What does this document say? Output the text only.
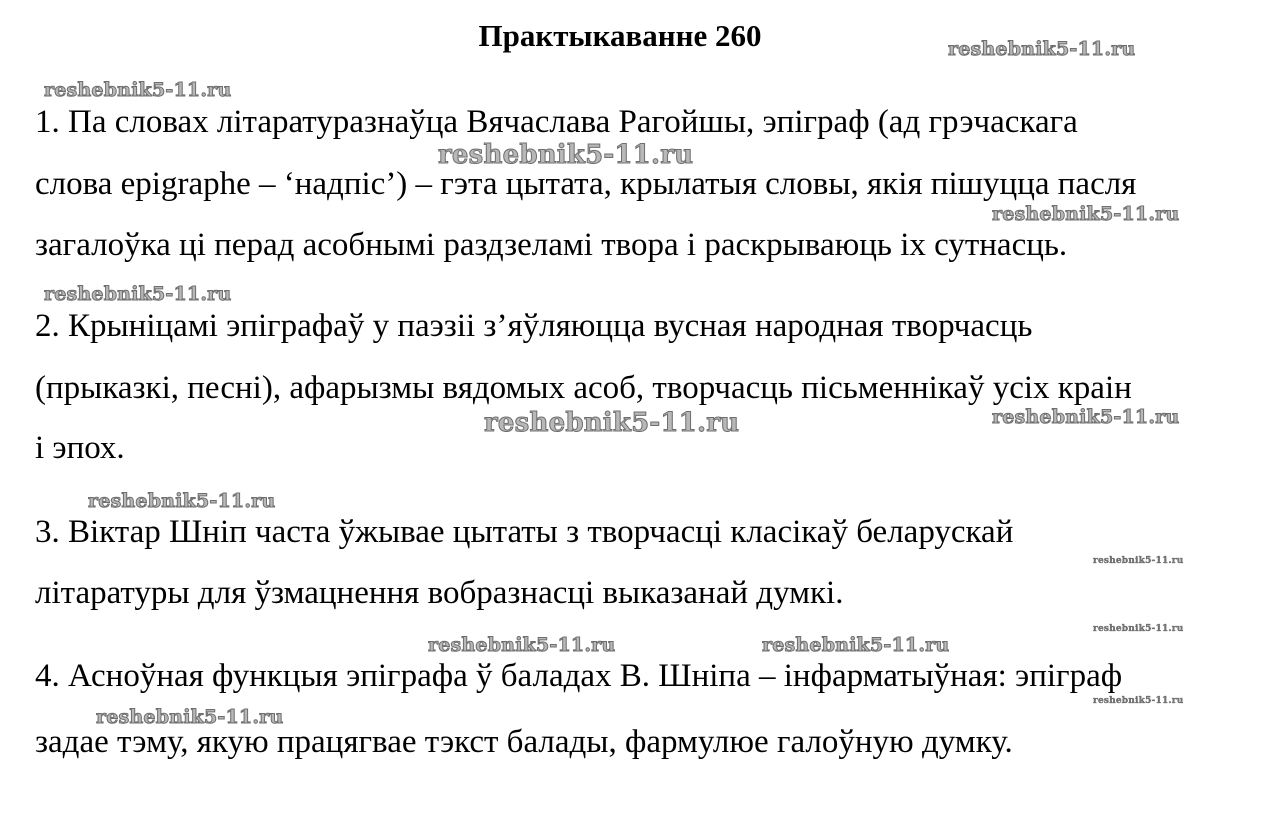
Практыкаванне 260	reshebnik5-11.ru
reshebnik5-11.ru
reshebnik5-11.ru
reshebnik5-11.ru
reshebnik5-11.ru
reshebnik5-11.ru	reshebnik5-11.ru
reshebnik5-11.ru
reshebnik5-11.ru
reshebnik5-11.ru	reshebnik5-11.ru
reshebnik5-11.ru
reshebnik5-11.ru
reshebnik5-11.ru
1. Па словах літаратуразнаўца Вячаслава Рагойшы, эпіграф (ад грэчаскага
слова epigraphe – ‘надпіс’) – гэта цытата, крылатыя словы, якія пішуцца пасля
загалоўка ці перад асобнымі раздзеламі твора і раскрываюць іх сутнасць.
2. Крыніцамі эпіграфаў у паэзіі з’яўляюцца вусная народная творчасць
(прыказкі, песні), афарызмы вядомых асоб, творчасць пісьменнікаў усіх краін
і эпох.
3. Віктар Шніп часта ўжывае цытаты з творчасці класікаў беларускай
літаратуры для ўзмацнення вобразнасці выказанай думкі.
4. Асноўная функцыя эпіграфа ў баладах В. Шніпа – інфарматыўная: эпіграф
задае тэму, якую працягвае тэкст балады, фармулюе галоўную думку.
